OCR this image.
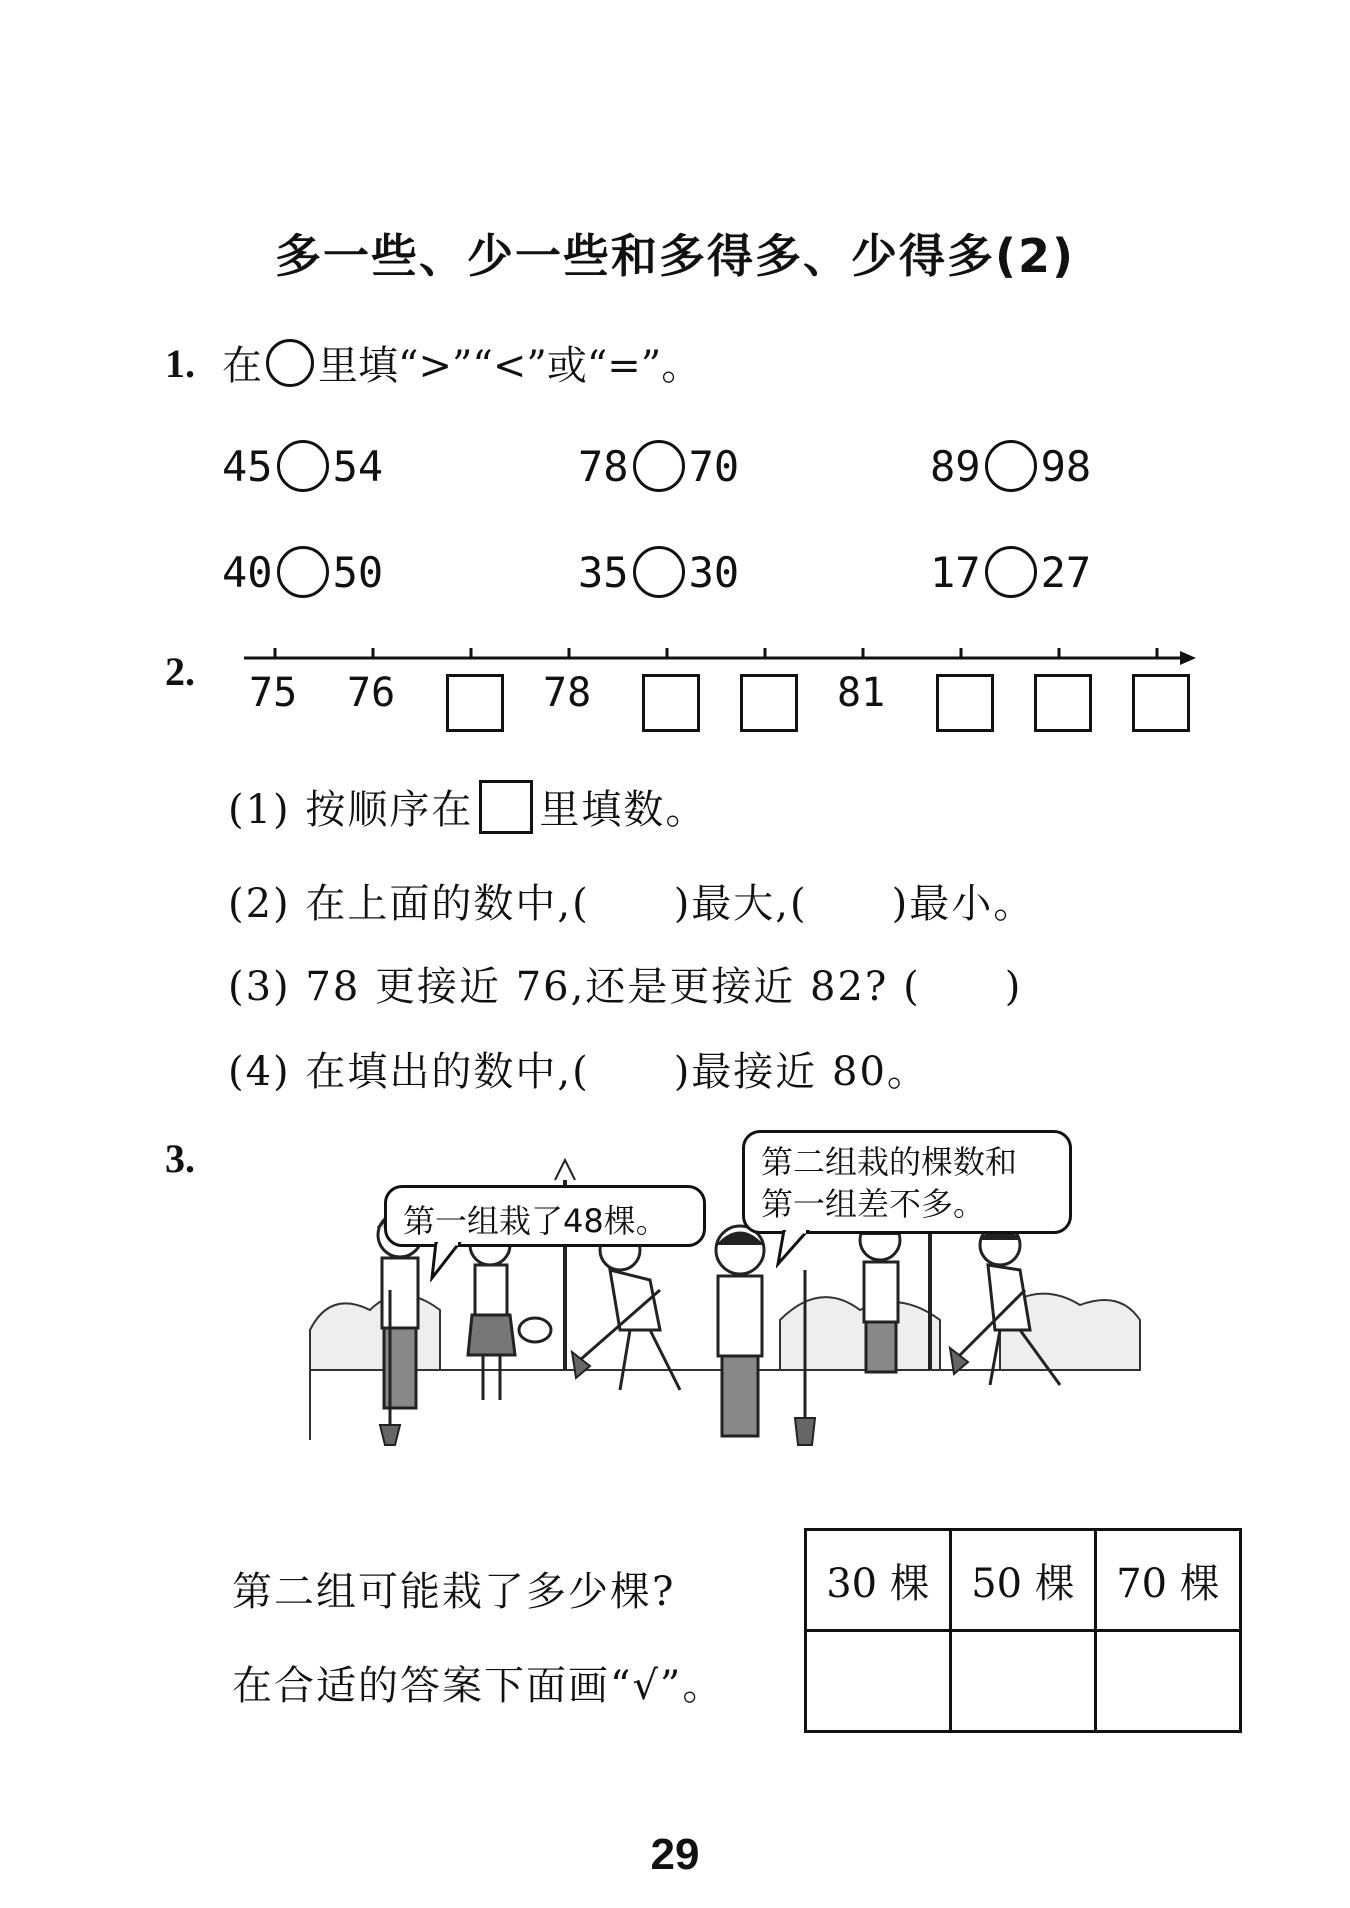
多一些、少一些和多得多、少得多(2)
1. 在 里填“>”“<”或“=”。
45 54	78 70	89 98
40 50	35 30	17 27
2. 75 76	78	81
(1) 按顺序在 里填数。
(2) 在上面的数中,(　　)最大,(　　)最小。
(3) 78 更接近 76,还是更接近 82? (　　)
(4) 在填出的数中,(　　)最接近 80。
3.
第一组栽了48棵。
第二组栽的棵数和
第一组差不多。
第二组可能栽了多少棵?
在合适的答案下面画“√”。
30 棵	50 棵	70 棵

29
